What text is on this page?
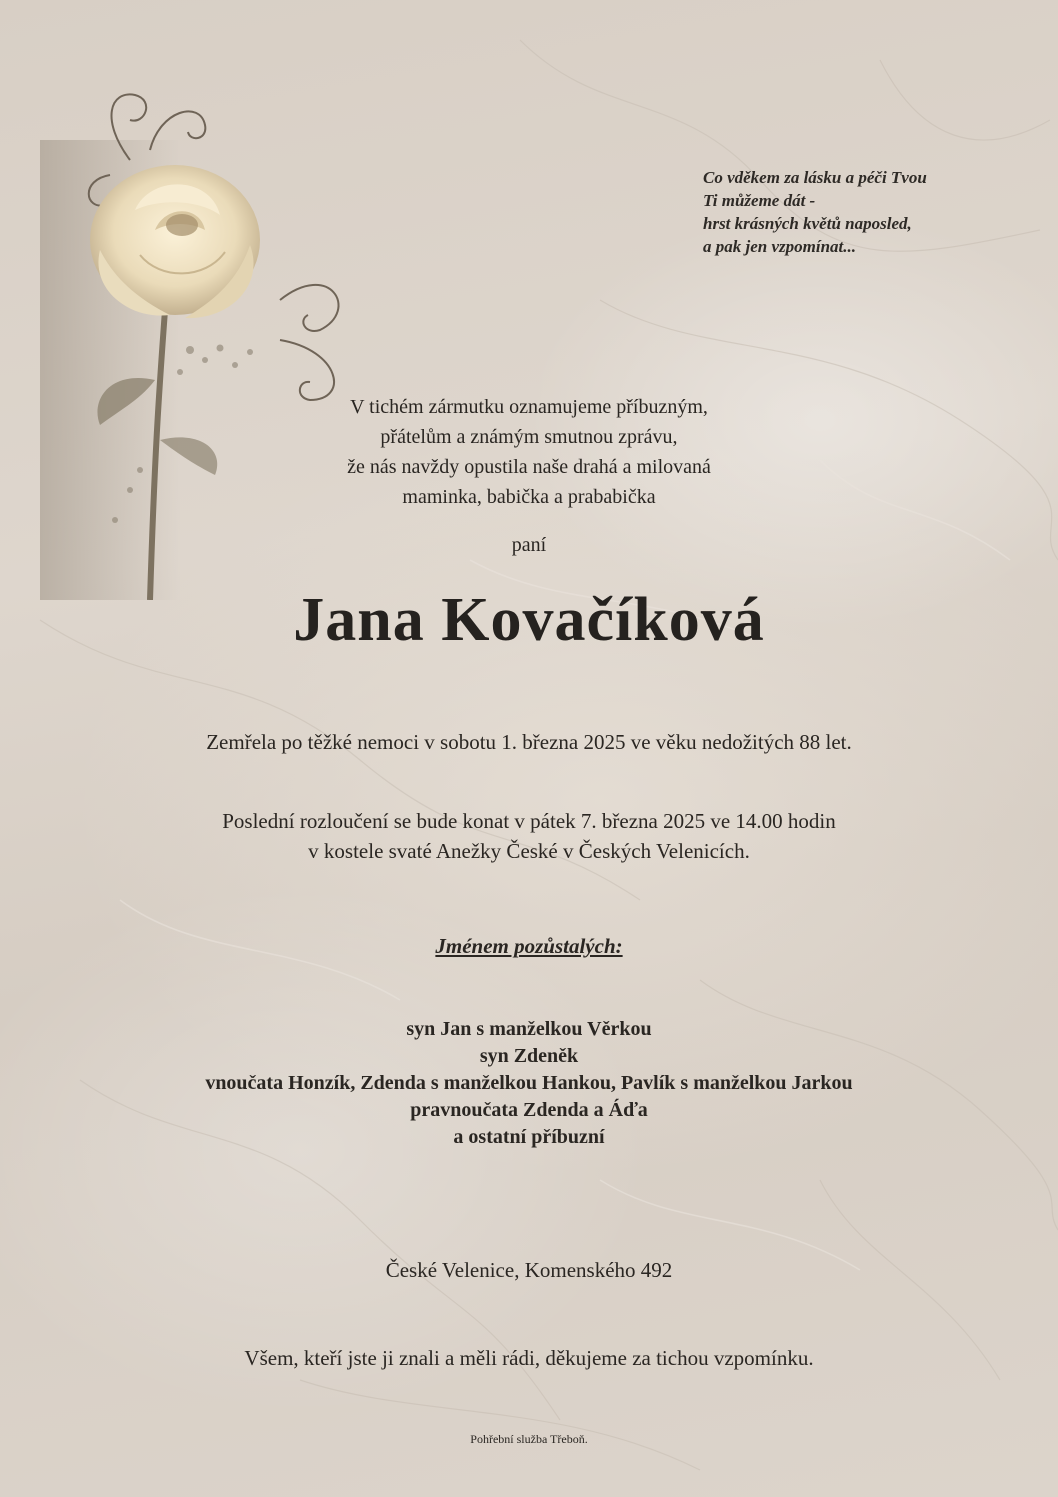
Co vděkem za lásku a péči Tvou
Ti můžeme dát -
hrst krásných květů naposled,
a pak jen vzpomínat...
V tichém zármutku oznamujeme příbuzným,
přátelům a známým smutnou zprávu,
že nás navždy opustila naše drahá a milovaná
maminka, babička a prababička
paní
Jana Kovačíková
Zemřela po těžké nemoci v sobotu 1. března 2025 ve věku nedožitých 88 let.
Poslední rozloučení se bude konat v pátek 7. března 2025 ve 14.00 hodin
v kostele svaté Anežky České v Českých Velenicích.
Jménem pozůstalých:
syn Jan s manželkou Věrkou
syn Zdeněk
vnoučata Honzík, Zdenda s manželkou Hankou, Pavlík s manželkou Jarkou
pravnoučata Zdenda a Áďa
a ostatní příbuzní
České Velenice, Komenského 492
Všem, kteří jste ji znali a měli rádi, děkujeme za tichou vzpomínku.
Pohřební služba Třeboň.
